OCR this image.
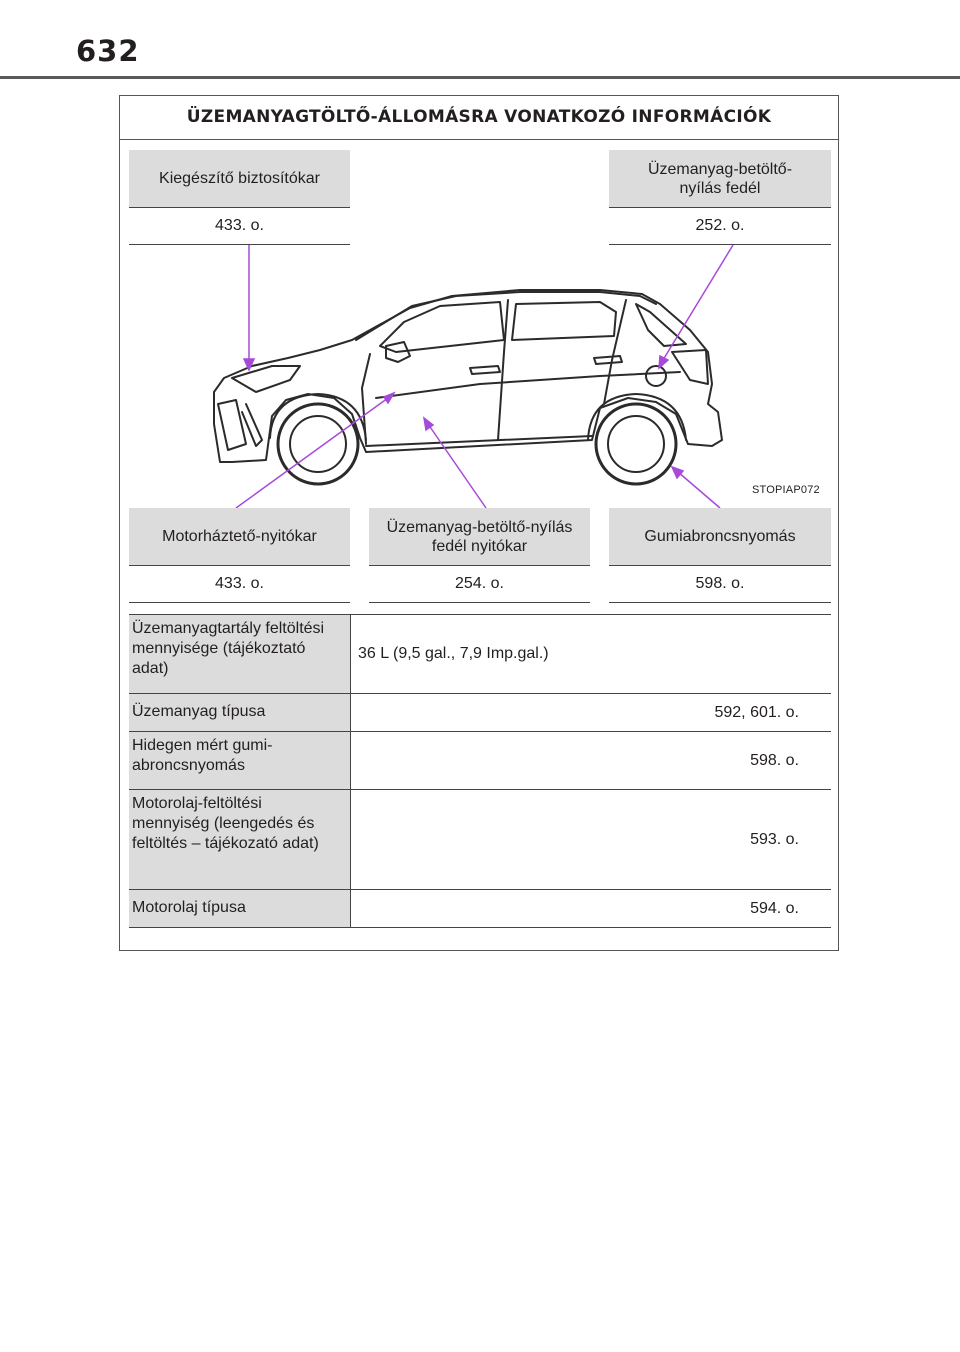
632
ÜZEMANYAGTÖLTŐ-ÁLLOMÁSRA VONATKOZÓ INFORMÁCIÓK
Kiegészítő biztosítókar
433. o.
Üzemanyag-betöltő-nyílás fedél
252. o.
STOPIAP072
Motorháztető-nyitókar
433. o.
Üzemanyag-betöltő-nyílás fedél nyitókar
254. o.
Gumiabroncsnyomás
598. o.
Üzemanyagtartály feltöltési mennyisége (tájékoztató adat)
36 L (9,5 gal., 7,9 Imp.gal.)
Üzemanyag típusa	592, 601. o.
Hidegen mért gumi-abroncsnyomás	598. o.
Motorolaj-feltöltési mennyiség (leengedés és feltöltés – tájékozató adat)	593. o.
Motorolaj típusa	594. o.
